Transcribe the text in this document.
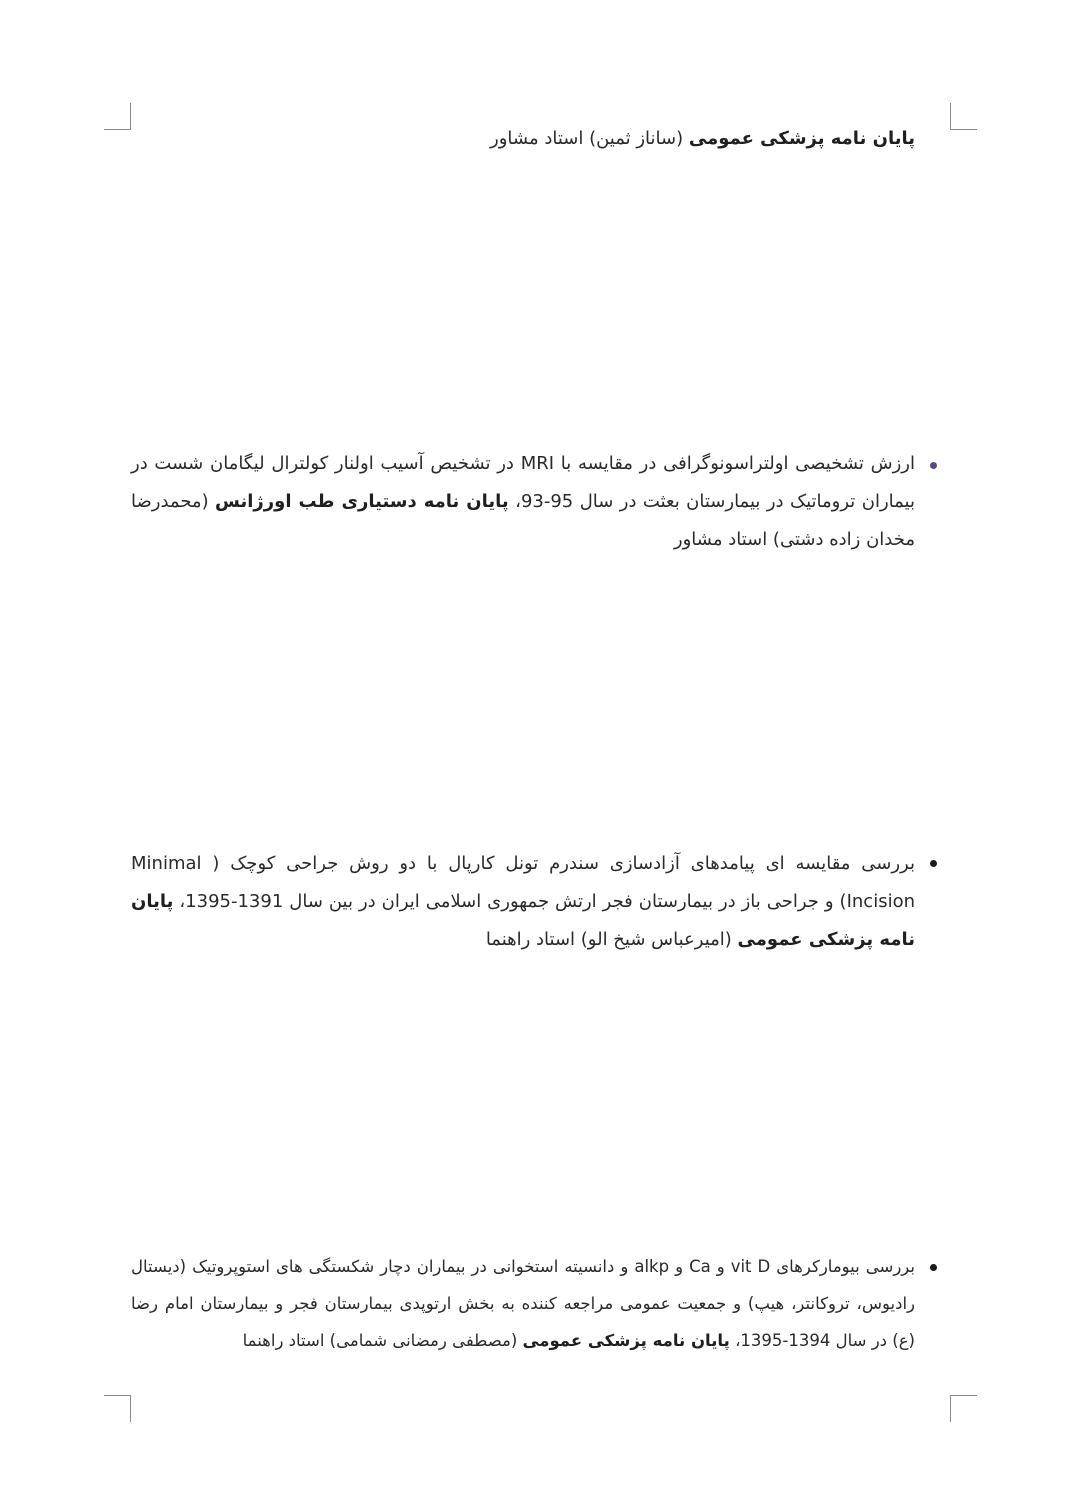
پایان نامه پزشکی عمومی (ساناز ثمین) استاد مشاور
ارزش تشخیصی اولتراسونوگرافی در مقایسه با MRI در تشخیص آسیب اولنار کولترال لیگامان شست در بیماران تروماتیک در بیمارستان بعثت در سال 95-93، پایان نامه دستیاری طب اورژانس (محمدرضا مخدان زاده دشتی) استاد مشاور
بررسی مقایسه ای پیامدهای آزادسازی سندرم تونل کارپال با دو روش جراحی کوچک ( Minimal Incision) و جراحی باز در بیمارستان فجر ارتش جمهوری اسلامی ایران در بین سال 1391-1395، پایان نامه پزشکی عمومی (امیرعباس شیخ الو) استاد راهنما
بررسی بیومارکرهای vit D و Ca و alkp و دانسیته استخوانی در بیماران دچار شکستگی های استوپروتیک (دیستال رادیوس، تروکانتر، هیپ) و جمعیت عمومی مراجعه کننده به بخش ارتوپدی بیمارستان فجر و بیمارستان امام رضا (ع) در سال 1394-1395، پایان نامه پزشکی عمومی (مصطفی رمضانی شمامی) استاد راهنما
